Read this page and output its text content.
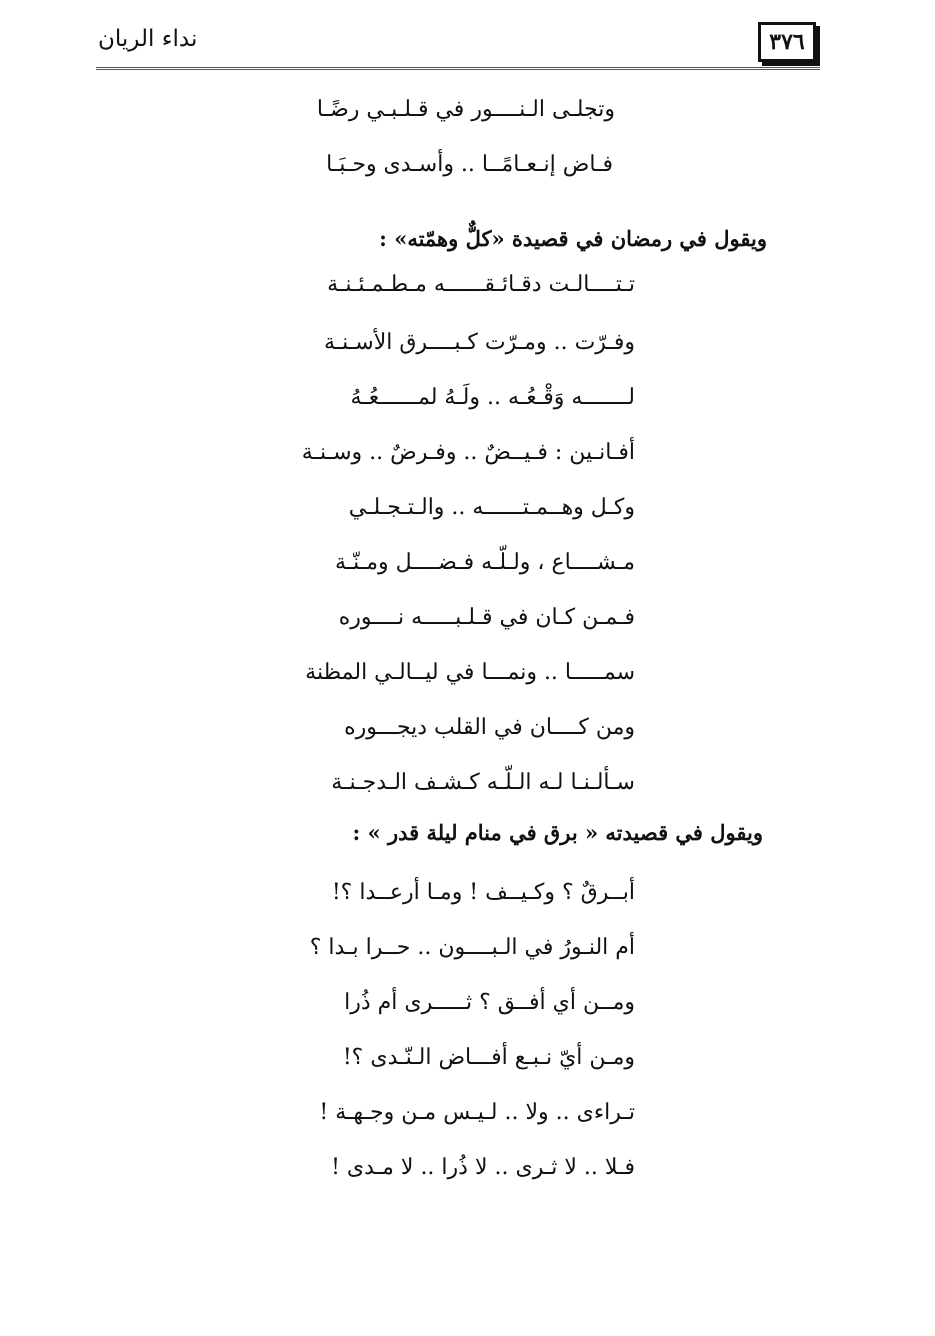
نداء الريان	٣٧٦

وتجلـى الـنــــور في قـلـبـي رضًـا

فـاض إنـعـامًــا .. وأسـدى وحـبَـا

ويقول في رمضان في قصيدة «كلٌّ وهمّته» :

تـتــــالـت دقـائـقــــــه مـطـمـئـنـة

وفـرّت .. ومـرّت كـبــــرق الأسـنـة

لـــــــه وَقْـعُـه .. ولَـهُ لمــــــعُـهُ

أفـانـين : فـيــضٌ .. وفـرضٌ .. وسـنـة

وكـل وهــمـتــــــه .. والـتـجـلـي

مـشــــاع ، ولـلّـه فـضــــل ومـنّـة

فـمـن كـان في قـلـبـــــه نــــوره

سمـــــا .. ونمـــا في ليــالـي المظنة

ومن كــــان في القلب ديجـــوره

سـألـنـا لـه الـلّـه كـشـف الـدجـنـة

ويقول في قصيدته « برق في منام ليلة قدر » :

أبــرقٌ ؟ وكـيــف ! ومـا أرعــدا ؟!

أم النـورُ في الـبــــون .. حــرا بـدا ؟

ومــن أي أفــق ؟ ثـــــرى أم ذُرا

ومـن أيّ نـبـع أفـــاض الـنّـدى ؟!

تـراءى .. ولا .. لـيـس مـن وجـهـة !

فـلا .. لا ثـرى .. لا ذُرا .. لا مـدى !
